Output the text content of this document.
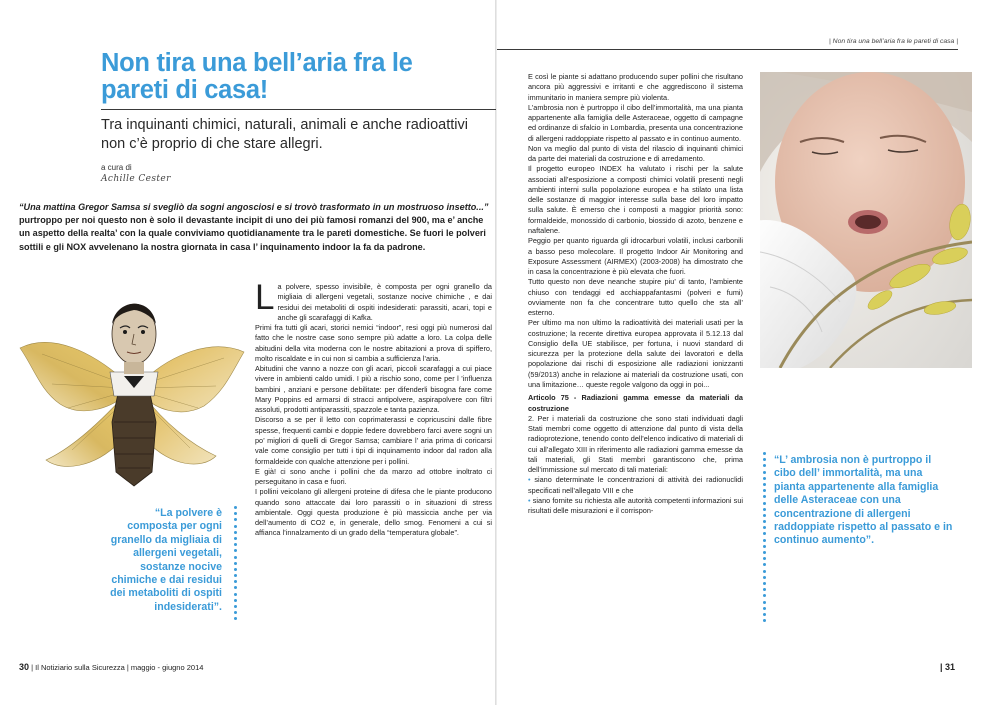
Non tira una bell’aria fra le pareti di casa!

Tra inquinanti chimici, naturali, animali e anche radioattivi non c’è proprio di che stare allegri.

a cura di
Achille Cester

“Una mattina Gregor Samsa si svegliò da sogni angosciosi e si trovò trasformato in un mostruoso insetto...” purtroppo per noi questo non è solo il devastante incipit di uno dei più famosi romanzi del 900, ma e’ anche un aspetto della realta’ con la quale conviviamo quotidianamente tra le pareti domestiche. Se fuori le polveri sottili e gli NOX avvelenano la nostra giornata in casa l’ inquinamento indoor la fa da padrone.

“La polvere è composta per ogni granello da migliaia di allergeni vegetali, sostanze nocive chimiche e dai residui dei metaboliti di ospiti indesiderati”.
La polvere, spesso invisibile, è composta per ogni granello da migliaia di allergeni vegetali, sostanze nocive chimiche , e dai residui dei metaboliti di ospiti indesiderati: parassiti, acari, topi e anche gli scarafaggi di Kafka.
Primi fra tutti gli acari, storici nemici “indoor”, resi oggi più numerosi dal fatto che le nostre case sono sempre più adatte a loro. La colpa delle abitudini della vita moderna con le nostre abitazioni a prova di spiffero, molto riscaldate e in cui non si cambia a sufficienza l’aria.
Abitudini che vanno a nozze con gli acari, piccoli scarafaggi a cui piace vivere in ambienti caldo umidi. I più a rischio sono, come per l ’influenza bambini , anziani e persone debilitate: per difenderli bisogna fare come Mary Poppins ed armarsi di stracci antipolvere, aspirapolvere con filtri assoluti, prodotti antiparassiti, spazzole e tanta pazienza.
Discorso a se per il letto con coprimaterassi e copricuscini dalle fibre spesse, frequenti cambi e doppie federe dovrebbero farci avere sogni un po’ migliori di quelli di Gregor Samsa; cambiare l’ aria prima di coricarsi vale come consiglio per tutti i tipi di inquinamento indoor dal radon alla formaldeide con qualche attenzione per i pollini.
E già! ci sono anche i pollini che da marzo ad ottobre inoltrato ci perseguitano in casa e fuori.
I pollini veicolano gli allergeni proteine di difesa che le piante producono quando sono attaccate dai loro parassiti o in situazioni di stress ambientale. Oggi questa produzione è più massiccia anche per via dell’aumento di CO2 e, in generale, dello smog. Fenomeni a cui si affianca l’innalzamento di un grado della “temperatura globale”.
30 | Il Notiziario sulla Sicurezza | maggio - giugno 2014
| Non tira una bell’aria fra le pareti di casa |
E così le piante si adattano producendo super pollini che risultano ancora più aggressivi e irritanti e che aggrediscono il sistema immunitario in maniera sempre più violenta.
L’ambrosia non è purtroppo il cibo dell’immortalità, ma una pianta appartenente alla famiglia delle Asteraceae, oggetto di campagne ed ordinanze di sfalcio in Lombardia, presenta una concentrazione di allergeni raddoppiate rispetto al passato e in continuo aumento.
Non va meglio dal punto di vista del rilascio di inquinanti chimici da parte dei materiali da costruzione e di arredamento.
Il progetto europeo INDEX ha valutato i rischi per la salute associati all’esposizione a composti chimici volatili presenti negli ambienti interni sulla popolazione europea e ha stilato una lista delle sostanze di maggior interesse sulla base del loro impatto sulla salute. È emerso che i composti a maggior priorità sono: formaldeide, monossido di carbonio, biossido di azoto, benzene e naftalene.
Peggio per quanto riguarda gli idrocarburi volatili, inclusi carbonili a basso peso molecolare. Il progetto Indoor Air Monitoring and Exposure Assessment (AIRMEX) (2003-2008) ha dimostrato che in casa la concentrazione è più elevata che fuori.
Tutto questo non deve neanche stupire piu’ di tanto, l’ambiente chiuso con tendaggi ed acchiappafantasmi (polveri e fumi) ovviamente non fa che concentrare tutto quello che sta all’ esterno.
Per ultimo ma non ultimo la radioattività dei materiali usati per la costruzione; la recente direttiva europea approvata il 5.12.13 dal Consiglio della UE stabilisce, per fortuna, i nuovi standard di sicurezza per la protezione della salute dei lavoratori e della popolazione dai rischi di esposizione alle radiazioni ionizzanti (59/2013) anche in relazione ai materiali da costruzione usati, con una limitazione… queste regole valgono da oggi in poi...
Articolo 75 - Radiazioni gamma emesse da materiali da costruzione
2. Per i materiali da costruzione che sono stati individuati dagli Stati membri come oggetto di attenzione dal punto di vista della radioprotezione, tenendo conto dell’elenco indicativo di materiali di cui all’allegato XIII in riferimento alle radiazioni gamma emesse da tali materiali, gli Stati membri garantiscono che, prima dell’immissione sul mercato di tali materiali:
• siano determinate le concentrazioni di attività dei radionuclidi specificati nell’allegato VIII e che
• siano fornite su richiesta alle autorità competenti informazioni sui risultati delle misurazioni e il corrispon-
“L’ ambrosia non è purtroppo il cibo dell’ immortalità, ma una pianta appartenente alla famiglia delle Asteraceae con una concentrazione di allergeni raddoppiate rispetto al passato e in continuo aumento”.
| 31
